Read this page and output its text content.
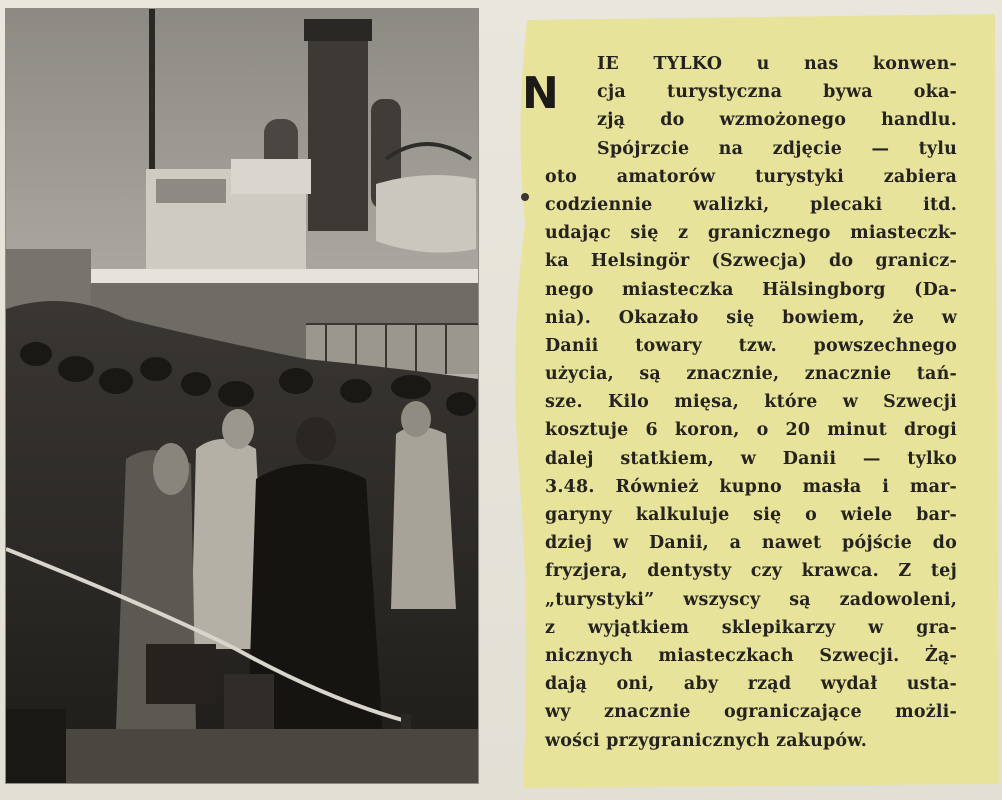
N
IE TYLKO u nas konwen-
cja turystyczna bywa oka-
zją do wzmożonego handlu.
Spójrzcie na zdjęcie — tylu
oto amatorów turystyki zabiera
codziennie walizki, plecaki itd.
udając się z granicznego miasteczk-
ka Helsingör (Szwecja) do granicz-
nego miasteczka Hälsingborg (Da-
nia). Okazało się bowiem, że w
Danii towary tzw. powszechnego
użycia, są znacznie, znacznie tań-
sze. Kilo mięsa, które w Szwecji
kosztuje 6 koron, o 20 minut drogi
dalej statkiem, w Danii — tylko
3.48. Również kupno masła i mar-
garyny kalkuluje się o wiele bar-
dziej w Danii, a nawet pójście do
fryzjera, dentysty czy krawca. Z tej
„turystyki” wszyscy są zadowoleni,
z wyjątkiem sklepikarzy w gra-
nicznych miasteczkach Szwecji. Żą-
dają oni, aby rząd wydał usta-
wy znacznie ograniczające możli-
wości przygranicznych zakupów.
